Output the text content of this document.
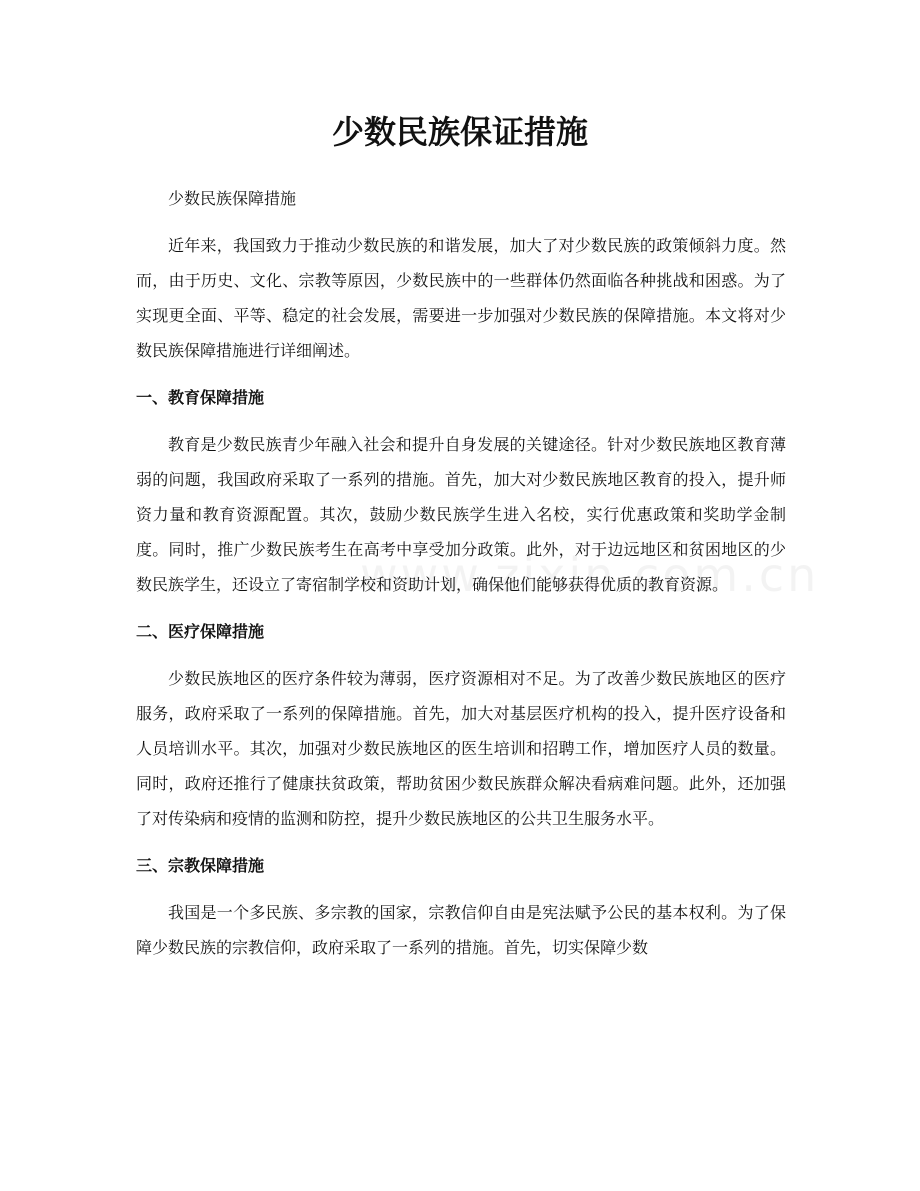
少数民族保证措施

少数民族保障措施

近年来，我国致力于推动少数民族的和谐发展，加大了对少数民族的政策倾斜力度。然而，由于历史、文化、宗教等原因，少数民族中的一些群体仍然面临各种挑战和困惑。为了实现更全面、平等、稳定的社会发展，需要进一步加强对少数民族的保障措施。本文将对少数民族保障措施进行详细阐述。

一、教育保障措施

教育是少数民族青少年融入社会和提升自身发展的关键途径。针对少数民族地区教育薄弱的问题，我国政府采取了一系列的措施。首先，加大对少数民族地区教育的投入，提升师资力量和教育资源配置。其次，鼓励少数民族学生进入名校，实行优惠政策和奖助学金制度。同时，推广少数民族考生在高考中享受加分政策。此外，对于边远地区和贫困地区的少数民族学生，还设立了寄宿制学校和资助计划，确保他们能够获得优质的教育资源。

二、医疗保障措施

少数民族地区的医疗条件较为薄弱，医疗资源相对不足。为了改善少数民族地区的医疗服务，政府采取了一系列的保障措施。首先，加大对基层医疗机构的投入，提升医疗设备和人员培训水平。其次，加强对少数民族地区的医生培训和招聘工作，增加医疗人员的数量。同时，政府还推行了健康扶贫政策，帮助贫困少数民族群众解决看病难问题。此外，还加强了对传染病和疫情的监测和防控，提升少数民族地区的公共卫生服务水平。

三、宗教保障措施

我国是一个多民族、多宗教的国家，宗教信仰自由是宪法赋予公民的基本权利。为了保障少数民族的宗教信仰，政府采取了一系列的措施。首先，切实保障少数
